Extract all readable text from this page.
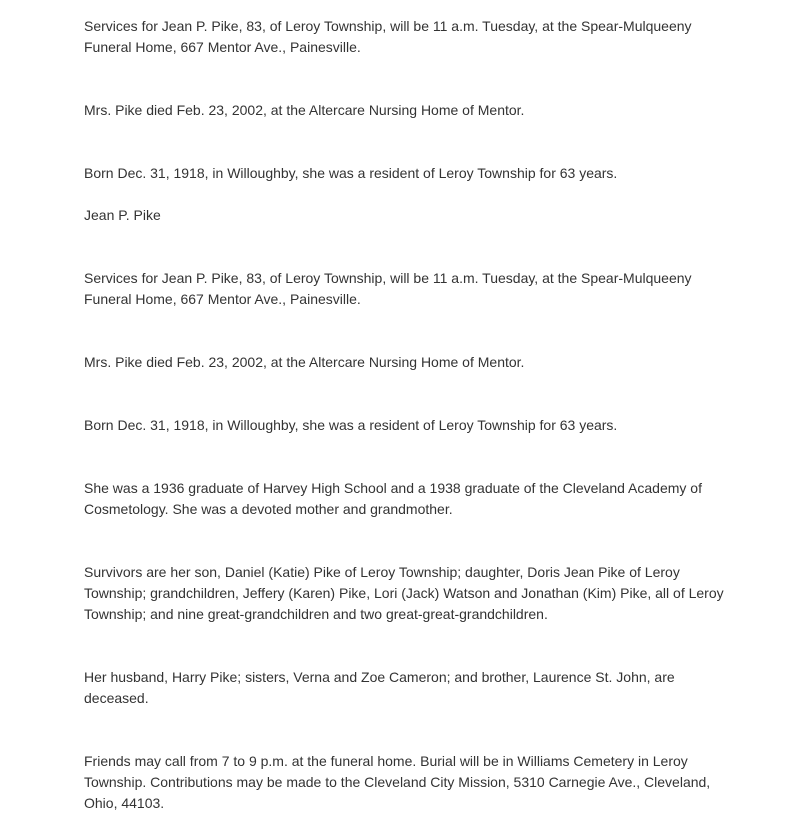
Services for Jean P. Pike, 83, of Leroy Township, will be 11 a.m. Tuesday, at the Spear-Mulqueeny Funeral Home, 667 Mentor Ave., Painesville.

Mrs. Pike died Feb. 23, 2002, at the Altercare Nursing Home of Mentor.

Born Dec. 31, 1918, in Willoughby, she was a resident of Leroy Township for 63 years.

Jean P. Pike

Services for Jean P. Pike, 83, of Leroy Township, will be 11 a.m. Tuesday, at the Spear-Mulqueeny Funeral Home, 667 Mentor Ave., Painesville.

Mrs. Pike died Feb. 23, 2002, at the Altercare Nursing Home of Mentor.

Born Dec. 31, 1918, in Willoughby, she was a resident of Leroy Township for 63 years.

She was a 1936 graduate of Harvey High School and a 1938 graduate of the Cleveland Academy of Cosmetology. She was a devoted mother and grandmother.

Survivors are her son, Daniel (Katie) Pike of Leroy Township; daughter, Doris Jean Pike of Leroy Township; grandchildren, Jeffery (Karen) Pike, Lori (Jack) Watson and Jonathan (Kim) Pike, all of Leroy Township; and nine great-grandchildren and two great-great-grandchildren.

Her husband, Harry Pike; sisters, Verna and Zoe Cameron; and brother, Laurence St. John, are deceased.

Friends may call from 7 to 9 p.m. at the funeral home. Burial will be in Williams Cemetery in Leroy Township. Contributions may be made to the Cleveland City Mission, 5310 Carnegie Ave., Cleveland, Ohio, 44103.
